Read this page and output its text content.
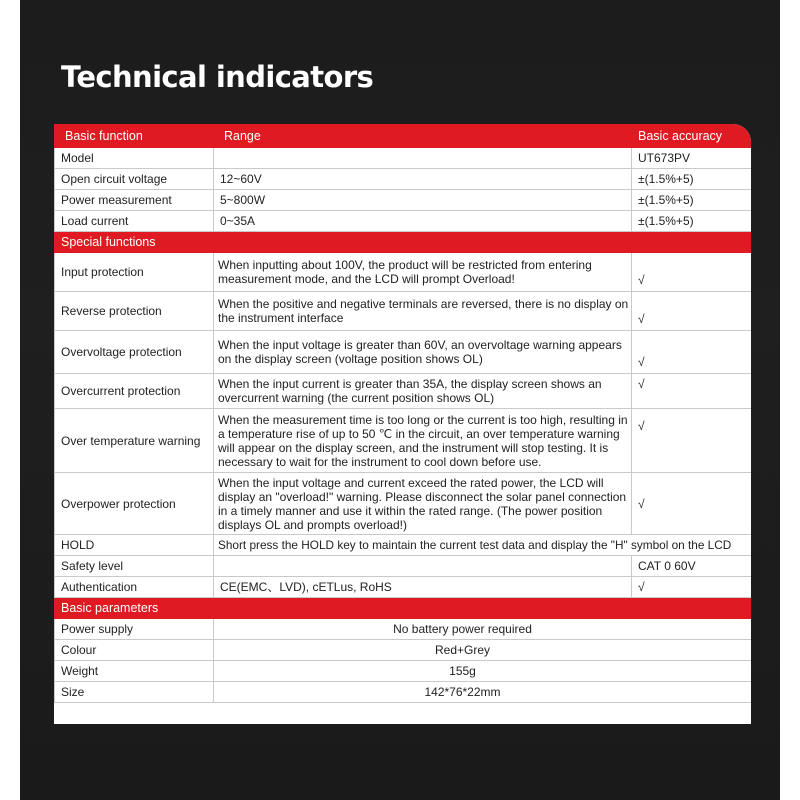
Technical indicators
Basic function	Range	Basic accuracy
Model		UT673PV
Open circuit voltage	12~60V	±(1.5%+5)
Power measurement	5~800W	±(1.5%+5)
Load current	0~35A	±(1.5%+5)
Special functions		
Input protection	When inputting about 100V, the product will be restricted from entering measurement mode, and the LCD will prompt Overload!	√
Reverse protection	When the positive and negative terminals are reversed, there is no display on the instrument interface	√
Overvoltage protection	When the input voltage is greater than 60V, an overvoltage warning appears on the display screen (voltage position shows OL)	√
Overcurrent protection	When the input current is greater than 35A, the display screen shows an overcurrent warning (the current position shows OL)	√
Over temperature warning	When the measurement time is too long or the current is too high, resulting in a temperature rise of up to 50 ℃ in the circuit, an over temperature warning will appear on the display screen, and the instrument will stop testing. It is necessary to wait for the instrument to cool down before use.	√
Overpower protection	When the input voltage and current exceed the rated power, the LCD will display an "overload!" warning. Please disconnect the solar panel connection in a timely manner and use it within the rated range. (The power position displays OL and prompts overload!)	√
HOLD	Short press the HOLD key to maintain the current test data and display the "H" symbol on the LCD	
Safety level		CAT 0 60V
Authentication	CE(EMC、LVD), cETLus, RoHS	√
Basic parameters		
Power supply	No battery power required	
Colour	Red+Grey	
Weight	155g	
Size	142*76*22mm	
